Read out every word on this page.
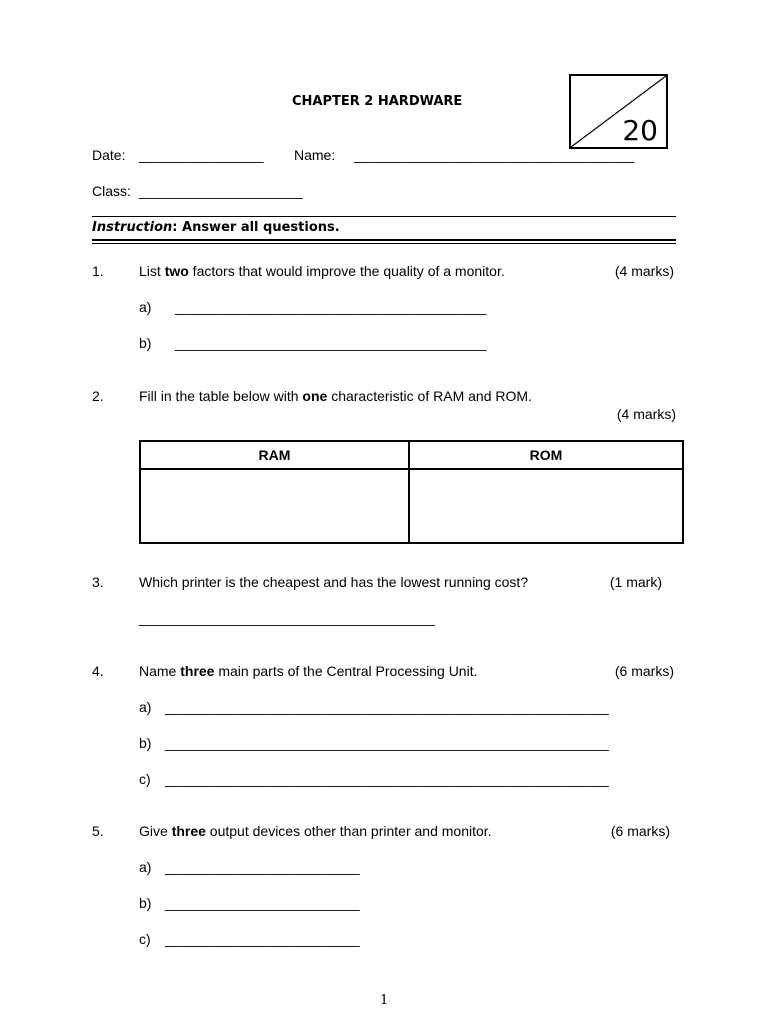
CHAPTER 2 HARDWARE
20
Date: ________________ Name: ____________________________________
Class: _____________________
Instruction: Answer all questions.
1.	List two factors that would improve the quality of a monitor.	(4 marks)
a) ________________________________________
b) ________________________________________
2.	Fill in the table below with one characteristic of RAM and ROM.
(4 marks)
RAM	ROM

3.	Which printer is the cheapest and has the lowest running cost?	(1 mark)
______________________________________
4.	Name three main parts of the Central Processing Unit.	(6 marks)
a) _________________________________________________________
b) _________________________________________________________
c) _________________________________________________________
5.	Give three output devices other than printer and monitor.	(6 marks)
a) _________________________
b) _________________________
c) _________________________
1
